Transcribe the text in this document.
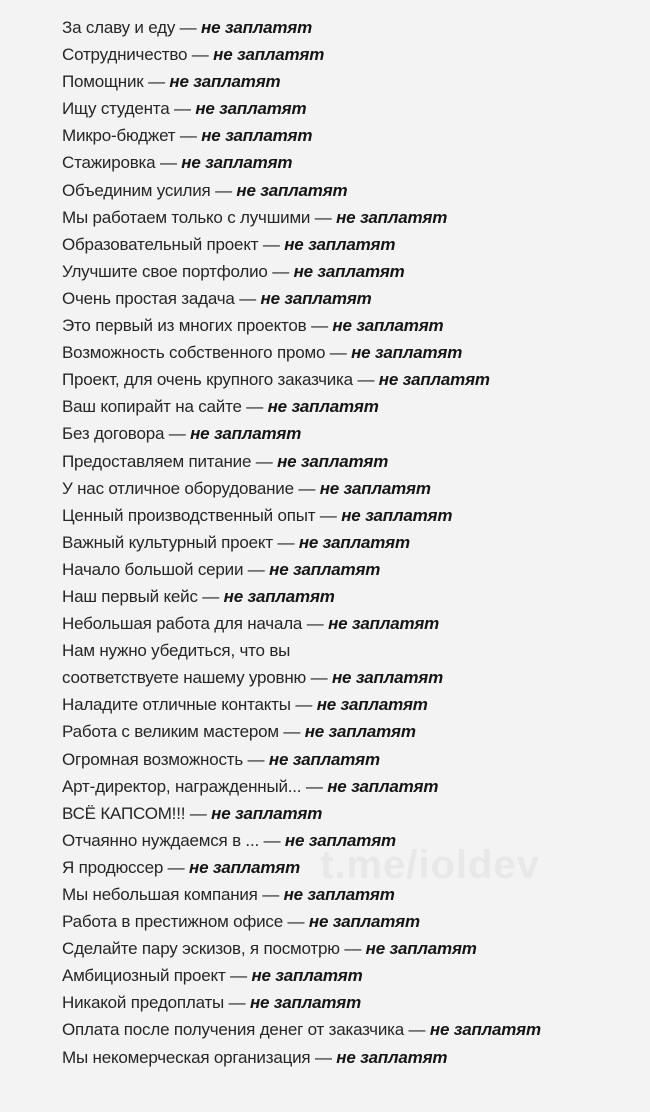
t.me/ioldev
За славу и еду — не заплатят
Сотрудничество — не заплатят
Помощник — не заплатят
Ищу студента — не заплатят
Микро-бюджет — не заплатят
Стажировка — не заплатят
Объединим усилия — не заплатят
Мы работаем только с лучшими — не заплатят
Образовательный проект — не заплатят
Улучшите свое портфолио — не заплатят
Очень простая задача — не заплатят
Это первый из многих проектов — не заплатят
Возможность собственного промо — не заплатят
Проект, для очень крупного заказчика — не заплатят
Ваш копирайт на сайте — не заплатят
Без договора — не заплатят
Предоставляем питание — не заплатят
У нас отличное оборудование — не заплатят
Ценный производственный опыт — не заплатят
Важный культурный проект — не заплатят
Начало большой серии — не заплатят
Наш первый кейс — не заплатят
Небольшая работа для начала — не заплатят
Нам нужно убедиться, что вы
соответствуете нашему уровню — не заплатят
Наладите отличные контакты — не заплатят
Работа с великим мастером — не заплатят
Огромная возможность — не заплатят
Арт-директор, награжденный... — не заплатят
ВСЁ КАПСОМ!!! — не заплатят
Отчаянно нуждаемся в ... — не заплатят
Я продюссер — не заплатят
Мы небольшая компания — не заплатят
Работа в престижном офисе — не заплатят
Сделайте пару эскизов, я посмотрю — не заплатят
Амбициозный проект — не заплатят
Никакой предоплаты — не заплатят
Оплата после получения денег от заказчика — не заплатят
Мы некомерческая организация — не заплатят
